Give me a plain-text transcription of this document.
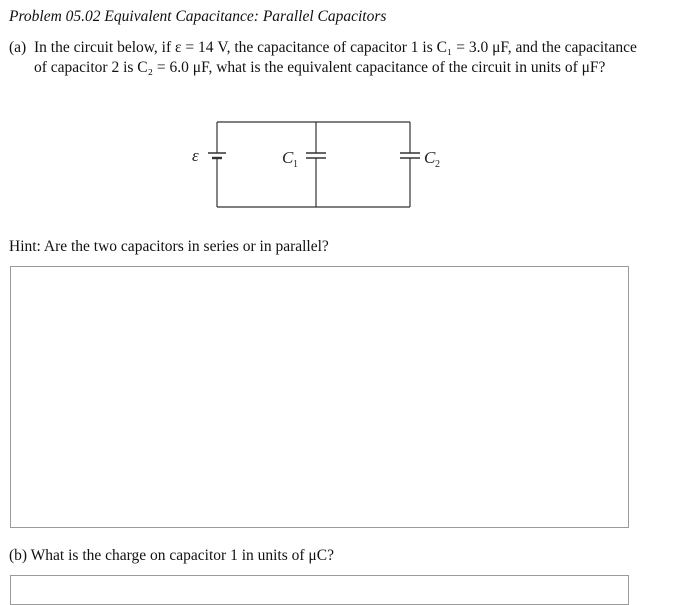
Problem 05.02 Equivalent Capacitance: Parallel Capacitors
(a) In the circuit below, if ε = 14 V, the capacitance of capacitor 1 is C₁ = 3.0 μF, and the capacitance of capacitor 2 is C₂ = 6.0 μF, what is the equivalent capacitance of the circuit in units of μF?
ε	C 1	C 2
Hint: Are the two capacitors in series or in parallel?
(b) What is the charge on capacitor 1 in units of μC?
